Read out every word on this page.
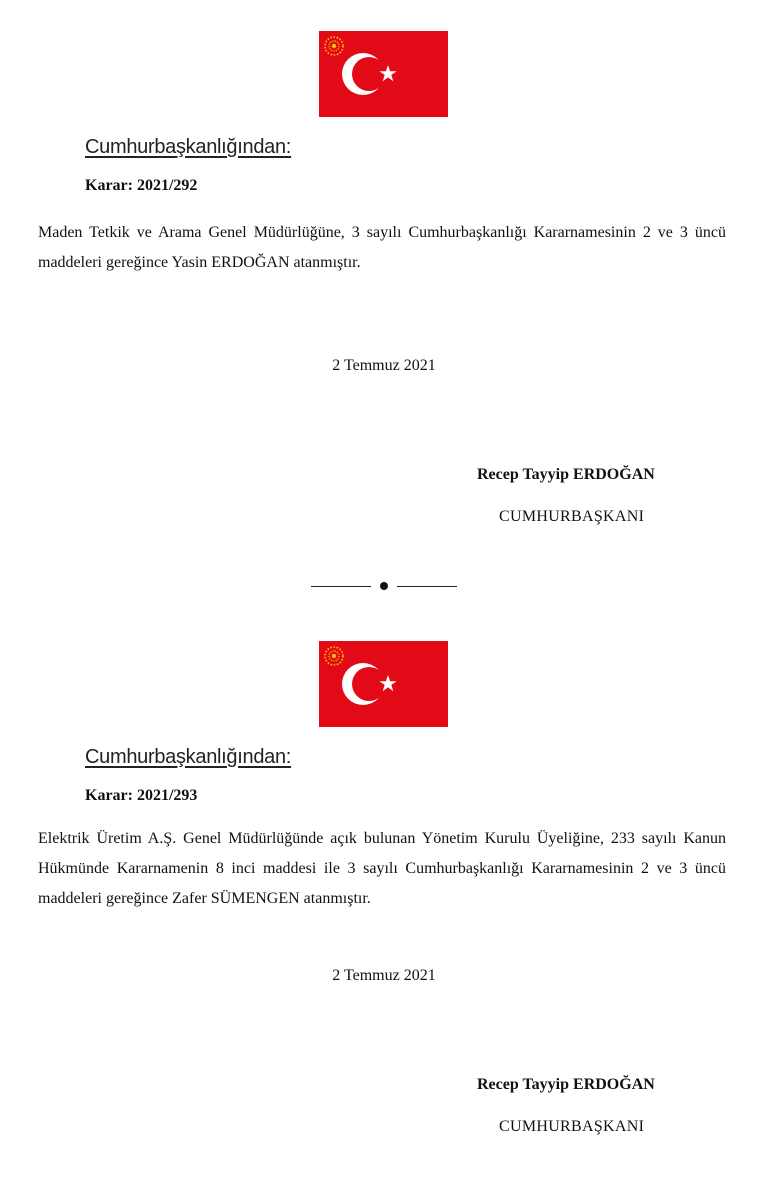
Cumhurbaşkanlığından:
Karar: 2021/292
Maden Tetkik ve Arama Genel Müdürlüğüne, 3 sayılı Cumhurbaşkanlığı Kararnamesinin 2 ve 3 üncü maddeleri gereğince Yasin ERDOĞAN atanmıştır.
2 Temmuz 2021
Recep Tayyip ERDOĞAN
CUMHURBAŞKANI
Cumhurbaşkanlığından:
Karar: 2021/293
Elektrik Üretim A.Ş. Genel Müdürlüğünde açık bulunan Yönetim Kurulu Üyeliğine, 233 sayılı Kanun Hükmünde Kararnamenin 8 inci maddesi ile 3 sayılı Cumhurbaşkanlığı Kararnamesinin 2 ve 3 üncü maddeleri gereğince Zafer SÜMENGEN atanmıştır.
2 Temmuz 2021
Recep Tayyip ERDOĞAN
CUMHURBAŞKANI
